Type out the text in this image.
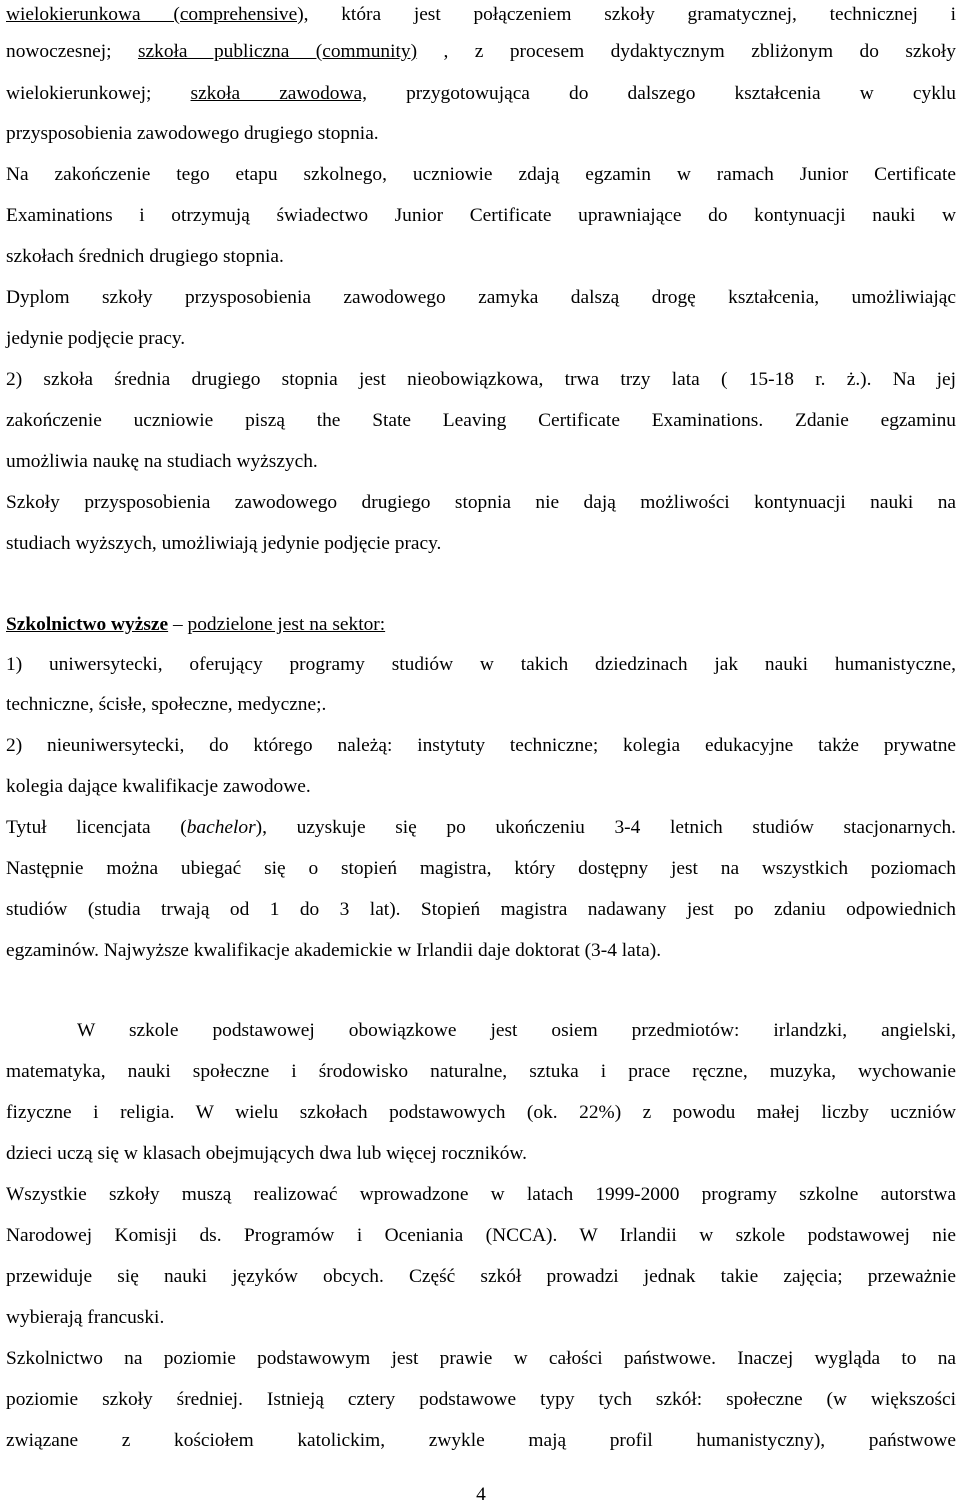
wielokierunkowa (comprehensive), która jest połączeniem szkoły gramatycznej, technicznej i
nowoczesnej; szkoła publiczna (community) , z procesem dydaktycznym zbliżonym do szkoły
wielokierunkowej; szkoła zawodowa, przygotowująca do dalszego kształcenia w cyklu
przysposobienia zawodowego drugiego stopnia.
Na zakończenie tego etapu szkolnego, uczniowie zdają egzamin w ramach Junior Certificate
Examinations i otrzymują świadectwo Junior Certificate uprawniające do kontynuacji nauki w
szkołach średnich drugiego stopnia.
Dyplom szkoły przysposobienia zawodowego zamyka dalszą drogę kształcenia, umożliwiając
jedynie podjęcie pracy.
2) szkoła średnia drugiego stopnia jest nieobowiązkowa, trwa trzy lata ( 15-18 r. ż.). Na jej
zakończenie uczniowie piszą the State Leaving Certificate Examinations. Zdanie egzaminu
umożliwia naukę na studiach wyższych.
Szkoły przysposobienia zawodowego drugiego stopnia nie dają możliwości kontynuacji nauki na
studiach wyższych, umożliwiają jedynie podjęcie pracy.
Szkolnictwo wyższe – podzielone jest na sektor:
1) uniwersytecki, oferujący programy studiów w takich dziedzinach jak nauki humanistyczne,
techniczne, ścisłe, społeczne, medyczne;.
2) nieuniwersytecki, do którego należą: instytuty techniczne; kolegia edukacyjne także prywatne
kolegia dające kwalifikacje zawodowe.
Tytuł licencjata (bachelor), uzyskuje się po ukończeniu 3-4 letnich studiów stacjonarnych.
Następnie można ubiegać się o stopień magistra, który dostępny jest na wszystkich poziomach
studiów (studia trwają od 1 do 3 lat). Stopień magistra nadawany jest po zdaniu odpowiednich
egzaminów. Najwyższe kwalifikacje akademickie w Irlandii daje doktorat (3-4 lata).
W szkole podstawowej obowiązkowe jest osiem przedmiotów: irlandzki, angielski,
matematyka, nauki społeczne i środowisko naturalne, sztuka i prace ręczne, muzyka, wychowanie
fizyczne i religia. W wielu szkołach podstawowych (ok. 22%) z powodu małej liczby uczniów
dzieci uczą się w klasach obejmujących dwa lub więcej roczników.
Wszystkie szkoły muszą realizować wprowadzone w latach 1999-2000 programy szkolne autorstwa
Narodowej Komisji ds. Programów i Oceniania (NCCA). W Irlandii w szkole podstawowej nie
przewiduje się nauki języków obcych. Część szkół prowadzi jednak takie zajęcia; przeważnie
wybierają francuski.
Szkolnictwo na poziomie podstawowym jest prawie w całości państwowe. Inaczej wygląda to na
poziomie szkoły średniej. Istnieją cztery podstawowe typy tych szkół: społeczne (w większości
związane z kościołem katolickim, zwykle mają profil humanistyczny), państwowe
4
